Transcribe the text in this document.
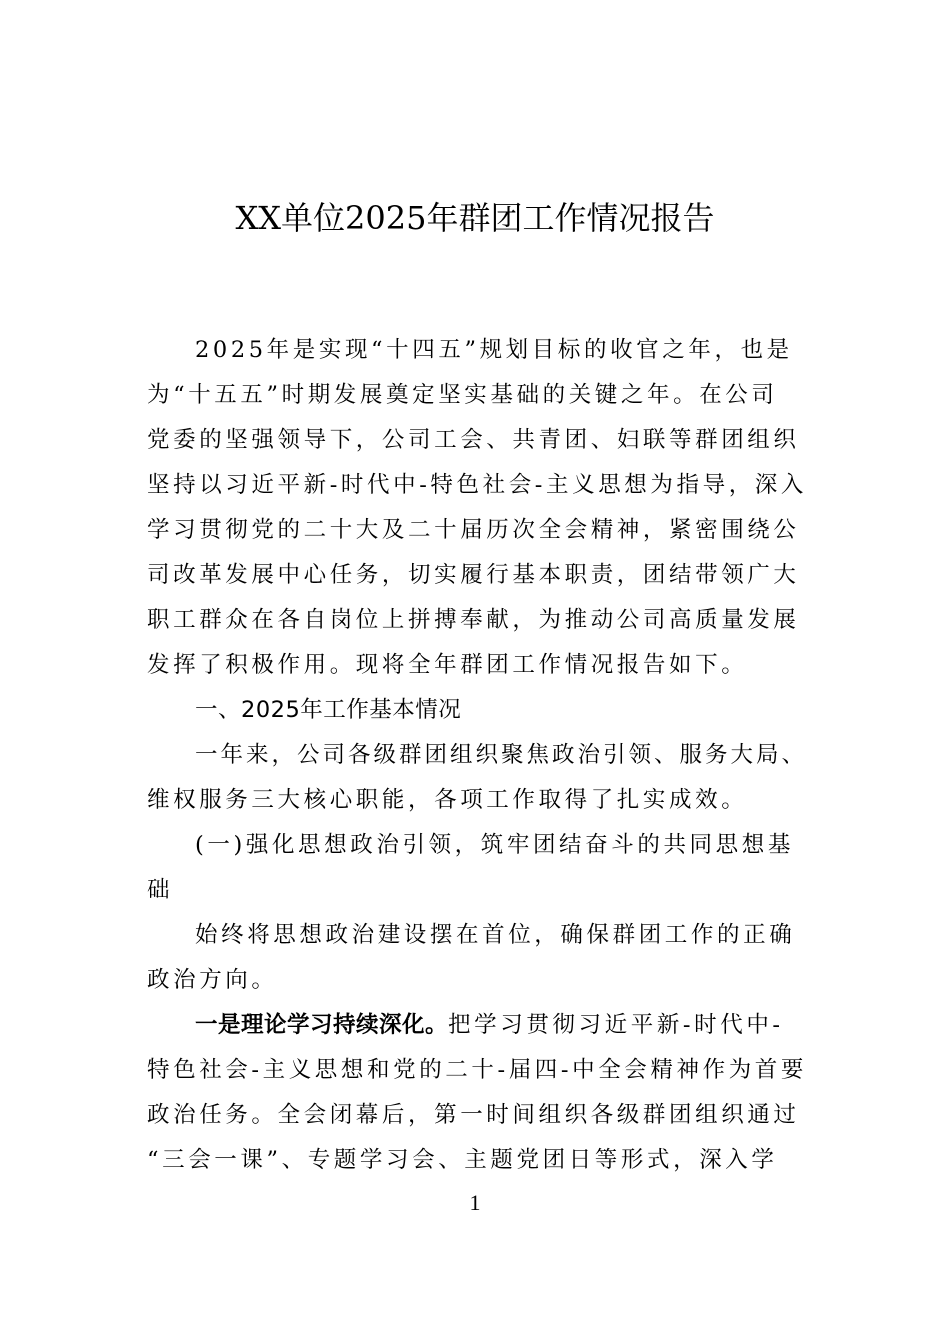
XX单位2025年群团工作情况报告
2025年是实现“十四五”规划目标的收官之年，也是
为“十五五”时期发展奠定坚实基础的关键之年。在公司
党委的坚强领导下，公司工会、共青团、妇联等群团组织
坚持以习近平新-时代中-特色社会-主义思想为指导，深入
学习贯彻党的二十大及二十届历次全会精神，紧密围绕公
司改革发展中心任务，切实履行基本职责，团结带领广大
职工群众在各自岗位上拼搏奉献，为推动公司高质量发展
发挥了积极作用。现将全年群团工作情况报告如下。
一、2025年工作基本情况
一年来，公司各级群团组织聚焦政治引领、服务大局、
维权服务三大核心职能，各项工作取得了扎实成效。
(一)强化思想政治引领，筑牢团结奋斗的共同思想基
础
始终将思想政治建设摆在首位，确保群团工作的正确
政治方向。
一是理论学习持续深化。把学习贯彻习近平新-时代中-
特色社会-主义思想和党的二十-届四-中全会精神作为首要
政治任务。全会闭幕后，第一时间组织各级群团组织通过
“三会一课”、专题学习会、主题党团日等形式，深入学
1
